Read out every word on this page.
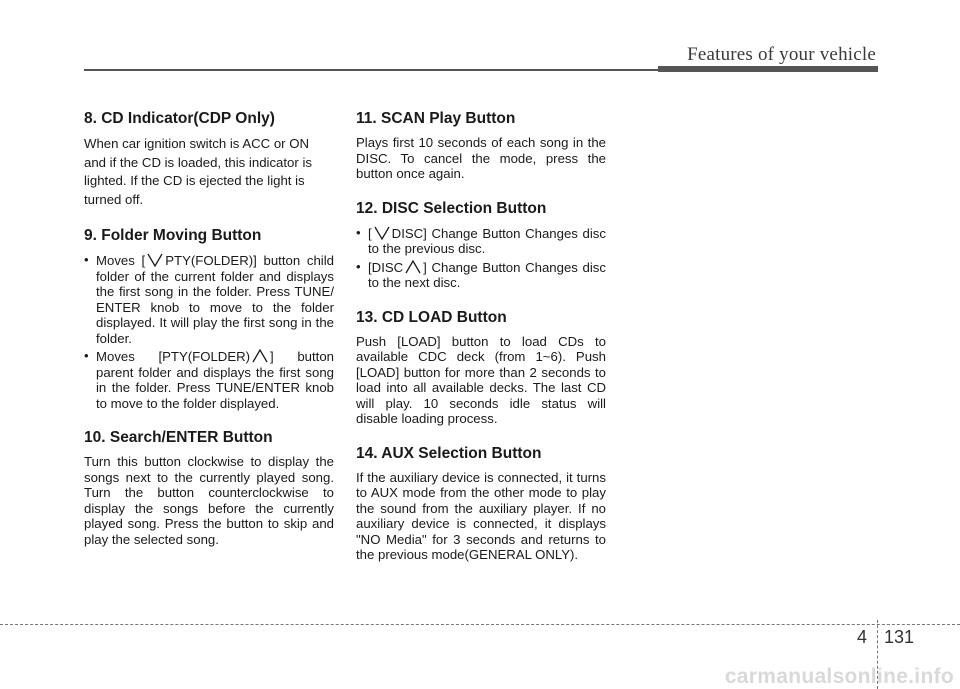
Features of your vehicle
8. CD Indicator(CDP Only)

When car ignition switch is ACC or ON and if the CD is loaded, this indicator is lighted. If the CD is ejected the light is turned off.

9. Folder Moving Button
• Moves [ PTY(FOLDER)] button child folder of the current folder and displays the first song in the folder. Press TUNE/ ENTER knob to move to the folder displayed. It will play the first song in the folder.
• Moves [PTY(FOLDER) ] button parent folder and displays the first song in the folder. Press TUNE/ENTER knob to move to the folder displayed.
10. Search/ENTER Button

Turn this button clockwise to display the songs next to the currently played song. Turn the button counterclockwise to display the songs before the currently played song. Press the button to skip and play the selected song.

11. SCAN Play Button

Plays first 10 seconds of each song in the DISC. To cancel the mode, press the button once again.

12. DISC Selection Button
• [ DISC] Change Button Changes disc to the previous disc.
• [DISC ] Change Button Changes disc to the next disc.
13. CD LOAD Button

Push [LOAD] button to load CDs to available CDC deck (from 1~6). Push [LOAD] button for more than 2 seconds to load into all available decks. The last CD will play. 10 seconds idle status will disable loading process.

14. AUX Selection Button

If the auxiliary device is connected, it turns to AUX mode from the other mode to play the sound from the auxiliary player. If no auxiliary device is connected, it displays "NO Media" for 3 seconds and returns to the previous mode(GENERAL ONLY).

4 131
carmanualsonline.info
